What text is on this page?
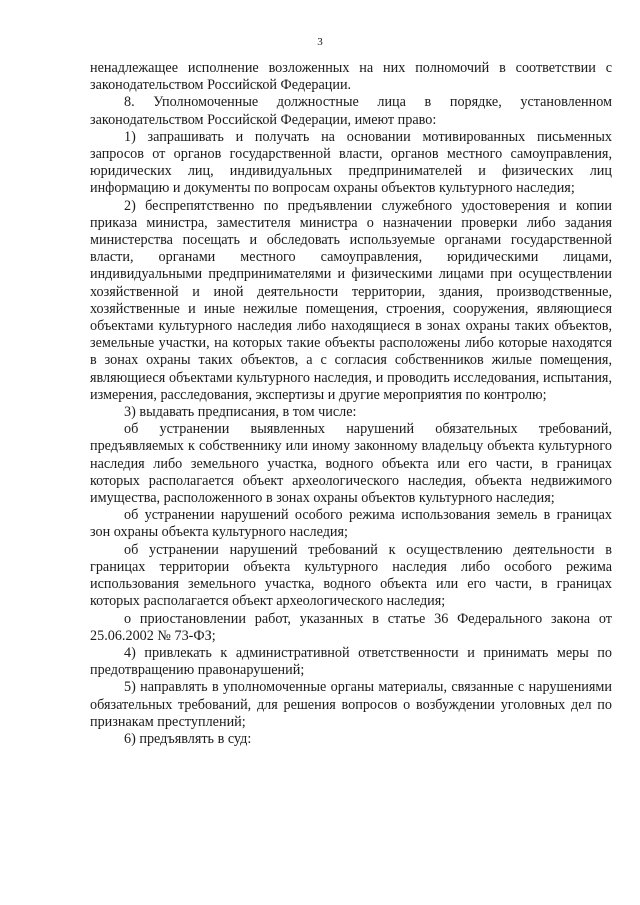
3

ненадлежащее исполнение возложенных на них полномочий в соответствии с законодательством Российской Федерации.

8. Уполномоченные должностные лица в порядке, установленном законодательством Российской Федерации, имеют право:

1) запрашивать и получать на основании мотивированных письменных запросов от органов государственной власти, органов местного самоуправления, юридических лиц, индивидуальных предпринимателей и физических лиц информацию и документы по вопросам охраны объектов культурного наследия;

2) беспрепятственно по предъявлении служебного удостоверения и копии приказа министра, заместителя министра о назначении проверки либо задания министерства посещать и обследовать используемые органами государственной власти, органами местного самоуправления, юридическими лицами, индивидуальными предпринимателями и физическими лицами при осуществлении хозяйственной и иной деятельности территории, здания, производственные, хозяйственные и иные нежилые помещения, строения, сооружения, являющиеся объектами культурного наследия либо находящиеся в зонах охраны таких объектов, земельные участки, на которых такие объекты расположены либо которые находятся в зонах охраны таких объектов, а с согласия собственников жилые помещения, являющиеся объектами культурного наследия, и проводить исследования, испытания, измерения, расследования, экспертизы и другие мероприятия по контролю;

3) выдавать предписания, в том числе:

об устранении выявленных нарушений обязательных требований, предъявляемых к собственнику или иному законному владельцу объекта культурного наследия либо земельного участка, водного объекта или его части, в границах которых располагается объект археологического наследия, объекта недвижимого имущества, расположенного в зонах охраны объектов культурного наследия;

об устранении нарушений особого режима использования земель в границах зон охраны объекта культурного наследия;

об устранении нарушений требований к осуществлению деятельности в границах территории объекта культурного наследия либо особого режима использования земельного участка, водного объекта или его части, в границах которых располагается объект археологического наследия;

о приостановлении работ, указанных в статье 36 Федерального закона от 25.06.2002 № 73-ФЗ;

4) привлекать к административной ответственности и принимать меры по предотвращению правонарушений;

5) направлять в уполномоченные органы материалы, связанные с нарушениями обязательных требований, для решения вопросов о возбуждении уголовных дел по признакам преступлений;

6) предъявлять в суд:
